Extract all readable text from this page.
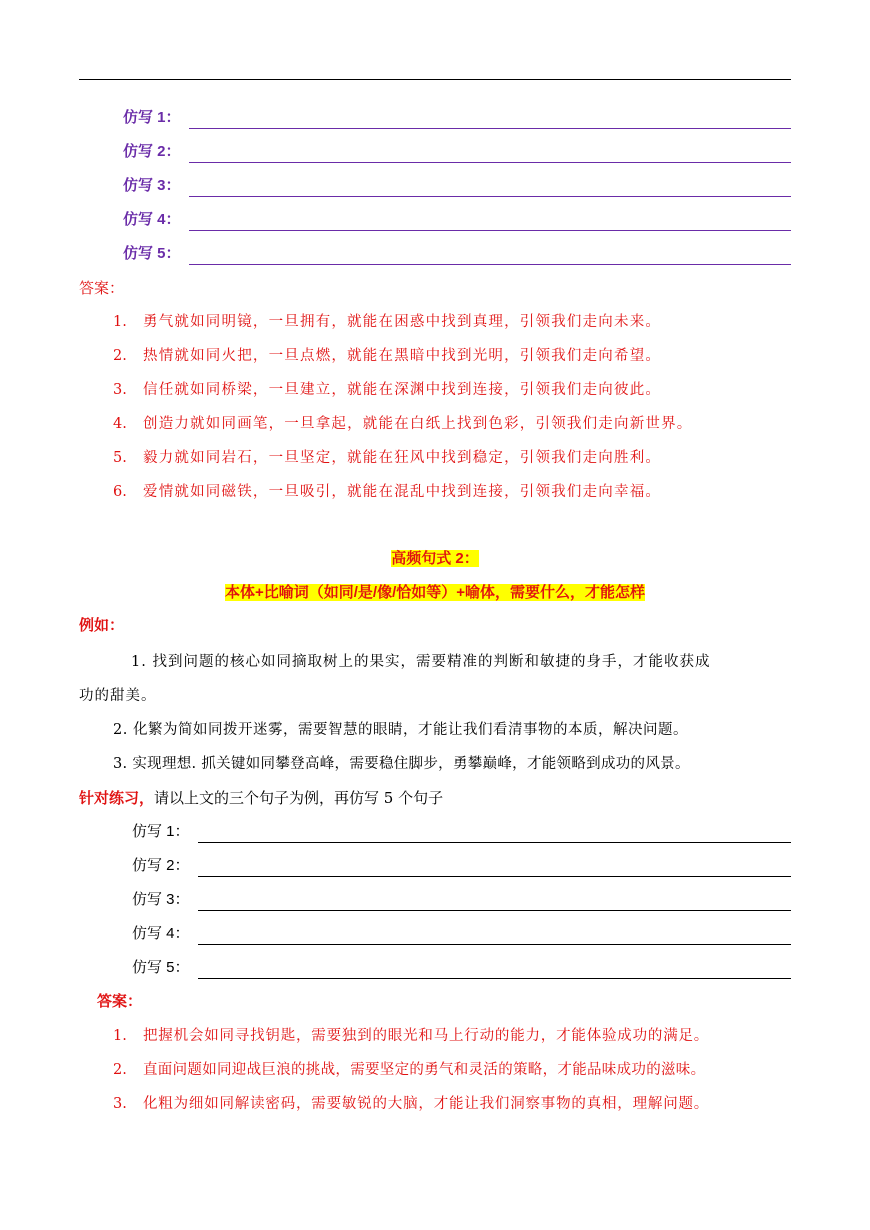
仿写 1：
仿写 2：
仿写 3：
仿写 4：
仿写 5：
答案：
1. 勇气就如同明镜，一旦拥有，就能在困惑中找到真理，引领我们走向未来。
2. 热情就如同火把，一旦点燃，就能在黑暗中找到光明，引领我们走向希望。
3. 信任就如同桥梁，一旦建立，就能在深渊中找到连接，引领我们走向彼此。
4. 创造力就如同画笔，一旦拿起，就能在白纸上找到色彩，引领我们走向新世界。
5. 毅力就如同岩石，一旦坚定，就能在狂风中找到稳定，引领我们走向胜利。
6. 爱情就如同磁铁，一旦吸引，就能在混乱中找到连接，引领我们走向幸福。
高频句式 2：
本体+比喻词（如同/是/像/恰如等）+喻体，需要什么，才能怎样
例如：
1. 找到问题的核心如同摘取树上的果实，需要精准的判断和敏捷的身手，才能收获成
功的甜美。
2. 化繁为简如同拨开迷雾，需要智慧的眼睛，才能让我们看清事物的本质，解决问题。
3. 实现理想. 抓关键如同攀登高峰，需要稳住脚步，勇攀巅峰，才能领略到成功的风景。
针对练习，请以上文的三个句子为例，再仿写 5 个句子
仿写 1：
仿写 2：
仿写 3：
仿写 4：
仿写 5：
答案：
1. 把握机会如同寻找钥匙，需要独到的眼光和马上行动的能力，才能体验成功的满足。
2. 直面问题如同迎战巨浪的挑战，需要坚定的勇气和灵活的策略，才能品味成功的滋味。
3. 化粗为细如同解读密码，需要敏锐的大脑，才能让我们洞察事物的真相，理解问题。
